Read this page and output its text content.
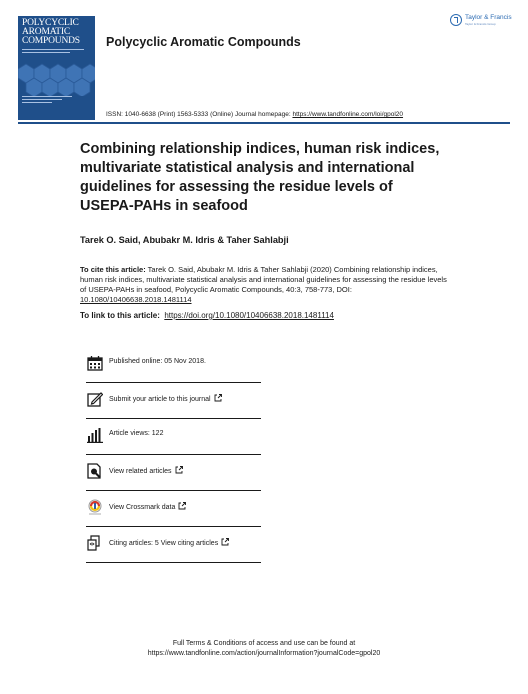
POLYCYCLIC
AROMATIC
COMPOUNDS	Polycyclic Aromatic Compounds
Taylor & Francis
Taylor & Francis Group
ISSN: 1040-6638 (Print) 1563-5333 (Online) Journal homepage: https://www.tandfonline.com/loi/gpol20
Combining relationship indices, human risk indices, multivariate statistical analysis and international guidelines for assessing the residue levels of USEPA-PAHs in seafood
Tarek O. Said, Abubakr M. Idris & Taher Sahlabji
To cite this article: Tarek O. Said, Abubakr M. Idris & Taher Sahlabji (2020) Combining relationship indices, human risk indices, multivariate statistical analysis and international guidelines for assessing the residue levels of USEPA-PAHs in seafood, Polycyclic Aromatic Compounds, 40:3, 758-773, DOI: 10.1080/10406638.2018.1481114
To link to this article: https://doi.org/10.1080/10406638.2018.1481114
Published online: 05 Nov 2018.
Submit your article to this journal
Article views: 122
View related articles
View Crossmark data
Citing articles: 5 View citing articles
Full Terms & Conditions of access and use can be found at
https://www.tandfonline.com/action/journalInformation?journalCode=gpol20
